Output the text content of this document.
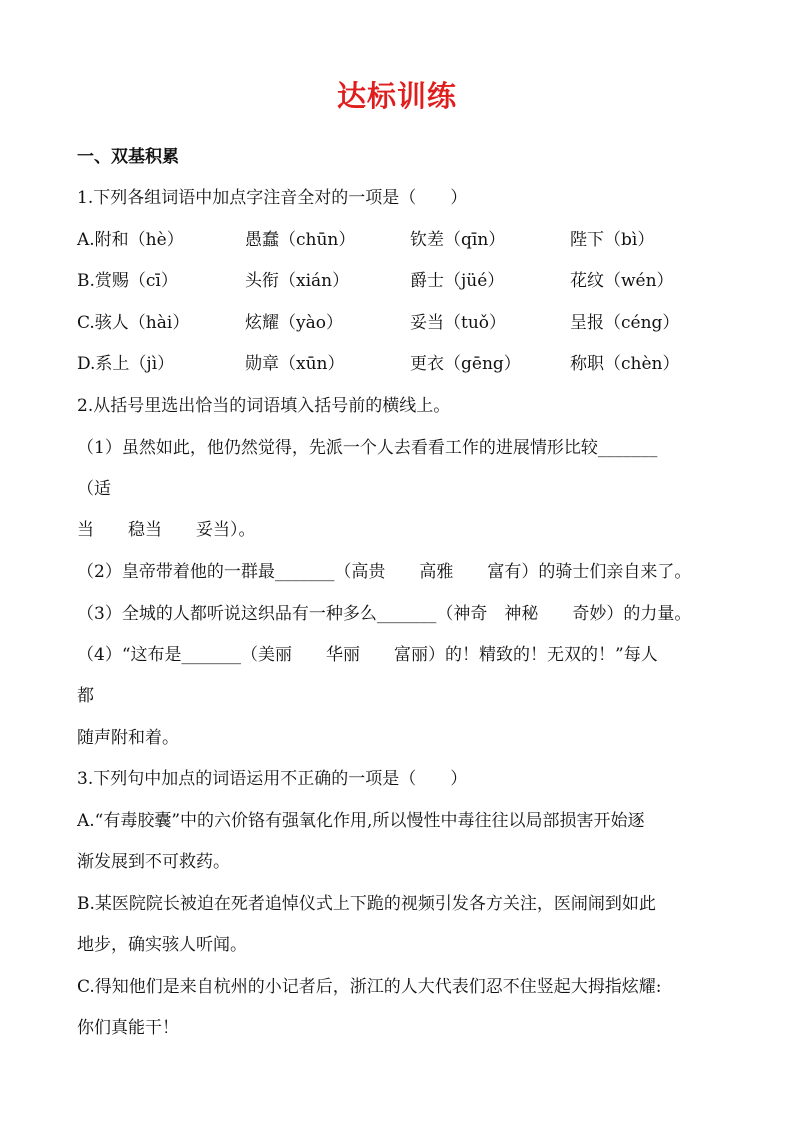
达标训练
一、双基积累
1.下列各组词语中加点字注音全对的一项是（　　）
A.附和（hè）	愚蠢（chūn）	钦差（qīn）	陛下（bì）
B.赏赐（cī）	头衔（xián）	爵士（jüé）	花纹（wén）
C.骇人（hài）	炫耀（yào）	妥当（tuǒ）	呈报（céng）
D.系上（jì）	勋章（xūn）	更衣（gēng）	称职（chèn）
2.从括号里选出恰当的词语填入括号前的横线上。
（1）虽然如此，他仍然觉得，先派一个人去看看工作的进展情形比较_______
（适
当　　稳当　　妥当）。
（2）皇帝带着他的一群最_______（高贵　　高雅　　富有）的骑士们亲自来了。
（3）全城的人都听说这织品有一种多么_______（神奇　神秘　　奇妙）的力量。
（4）“这布是_______（美丽　　华丽　　富丽）的！精致的！无双的！”每人
都
随声附和着。
3.下列句中加点的词语运用不正确的一项是（　　）
A.“有毒胶囊”中的六价铬有强氧化作用,所以慢性中毒往往以局部损害开始逐
渐发展到不可救药。
B.某医院院长被迫在死者追悼仪式上下跪的视频引发各方关注，医闹闹到如此
地步，确实骇人听闻。
C.得知他们是来自杭州的小记者后，浙江的人大代表们忍不住竖起大拇指炫耀:
你们真能干！
